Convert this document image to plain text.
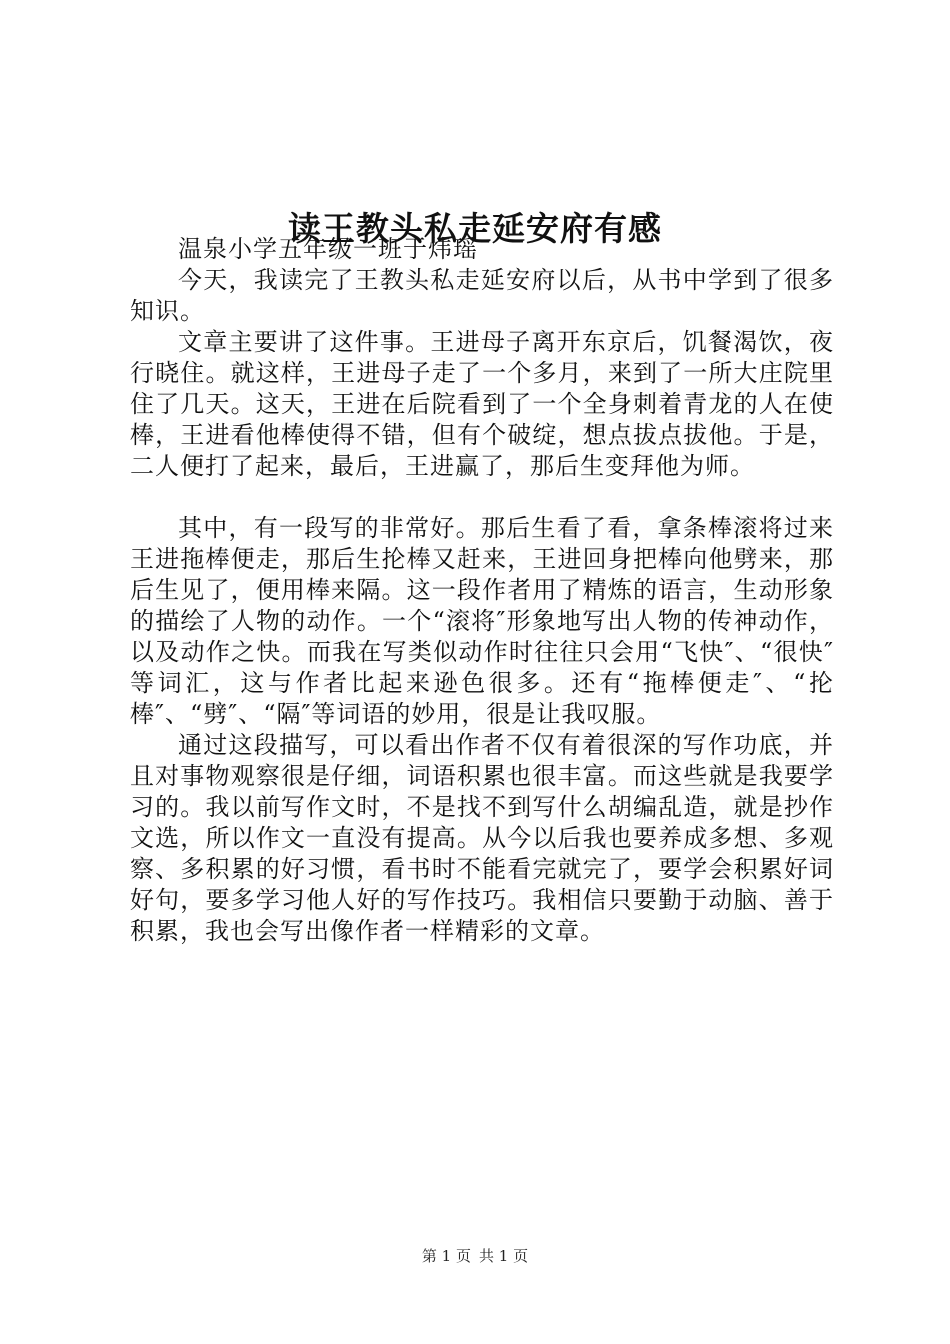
读王教头私走延安府有感

温泉小学五年级一班于炜瑶

今天，我读完了王教头私走延安府以后，从书中学到了很多知识。

文章主要讲了这件事。王进母子离开东京后，饥餐渴饮，夜行晓住。就这样，王进母子走了一个多月，来到了一所大庄院里住了几天。这天，王进在后院看到了一个全身刺着青龙的人在使棒，王进看他棒使得不错，但有个破绽，想点拔点拔他。于是，二人便打了起来，最后，王进赢了，那后生变拜他为师。

其中，有一段写的非常好。那后生看了看，拿条棒滚将过来王进拖棒便走，那后生抡棒又赶来，王进回身把棒向他劈来，那后生见了，便用棒来隔。这一段作者用了精炼的语言，生动形象的描绘了人物的动作。一个“滚将″形象地写出人物的传神动作，以及动作之快。而我在写类似动作时往往只会用“飞快″、“很快″等词汇，这与作者比起来逊色很多。还有“拖棒便走″、“抡棒″、“劈″、“隔″等词语的妙用，很是让我叹服。

通过这段描写，可以看出作者不仅有着很深的写作功底，并且对事物观察很是仔细，词语积累也很丰富。而这些就是我要学习的。我以前写作文时，不是找不到写什么胡编乱造，就是抄作文选，所以作文一直没有提高。从今以后我也要养成多想、多观察、多积累的好习惯，看书时不能看完就完了，要学会积累好词好句，要多学习他人好的写作技巧。我相信只要勤于动脑、善于积累，我也会写出像作者一样精彩的文章。

第 1 页 共 1 页
